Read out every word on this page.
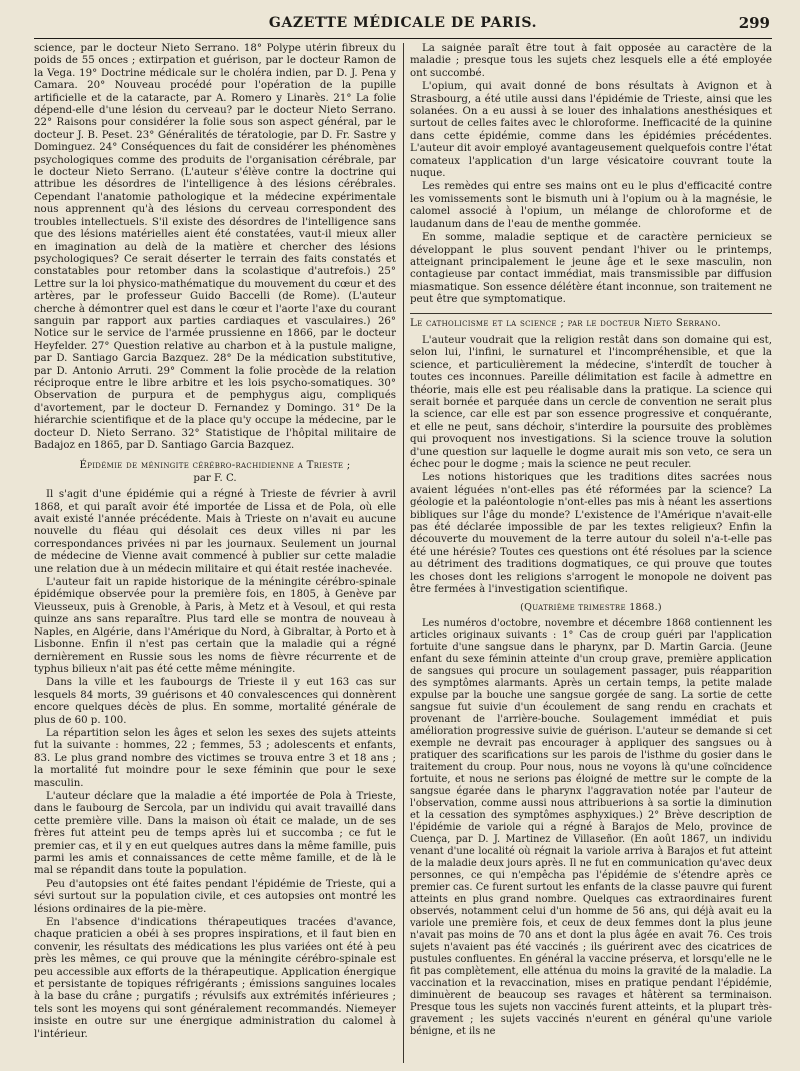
GAZETTE MÉDICALE DE PARIS.	299

science, par le docteur Nieto Serrano. 18° Polype utérin fibreux du poids de 55 onces ; extirpation et guérison, par le docteur Ramon de la Vega. 19° Doctrine médicale sur le choléra indien, par D. J. Pena y Camara. 20° Nouveau procédé pour l'opération de la pupille artificielle et de la cataracte, par A. Romero y Linarès. 21° La folie dépend-elle d'une lésion du cerveau? par le docteur Nieto Serrano. 22° Raisons pour considérer la folie sous son aspect général, par le docteur J. B. Peset. 23° Généralités de tératologie, par D. Fr. Sastre y Dominguez. 24° Conséquences du fait de considérer les phénomènes psychologiques comme des produits de l'organisation cérébrale, par le docteur Nieto Serrano. (L'auteur s'élève contre la doctrine qui attribue les désordres de l'intelligence à des lésions cérébrales. Cependant l'anatomie pathologique et la médecine expérimentale nous apprennent qu'à des lésions du cerveau correspondent des troubles intellectuels. S'il existe des désordres de l'intelligence sans que des lésions matérielles aient été constatées, vaut-il mieux aller en imagination au delà de la matière et chercher des lésions psychologiques? Ce serait déserter le terrain des faits constatés et constatables pour retomber dans la scolastique d'autrefois.) 25° Lettre sur la loi physico-mathématique du mouvement du cœur et des artères, par le professeur Guido Baccelli (de Rome). (L'auteur cherche à démontrer quel est dans le cœur et l'aorte l'axe du courant sanguin par rapport aux parties cardiaques et vasculaires.) 26° Notice sur le service de l'armée prussienne en 1866, par le docteur Heyfelder. 27° Question relative au charbon et à la pustule maligne, par D. Santiago Garcia Bazquez. 28° De la médication substitutive, par D. Antonio Arruti. 29° Comment la folie procède de la relation réciproque entre le libre arbitre et les lois psycho-somatiques. 30° Observation de purpura et de pemphygus aigu, compliqués d'avortement, par le docteur D. Fernandez y Domingo. 31° De la hiérarchie scientifique et de la place qu'y occupe la médecine, par le docteur D. Nieto Serrano. 32° Statistique de l'hôpital militaire de Badajoz en 1865, par D. Santiago Garcia Bazquez.

Épidémie de méningite cérébro-rachidienne a Trieste ;
par F. C.

Il s'agit d'une épidémie qui a régné à Trieste de février à avril 1868, et qui paraît avoir été importée de Lissa et de Pola, où elle avait existé l'année précédente. Mais à Trieste on n'avait eu aucune nouvelle du fléau qui désolait ces deux villes ni par les correspondances privées ni par les journaux. Seulement un journal de médecine de Vienne avait commencé à publier sur cette maladie une relation due à un médecin militaire et qui était restée inachevée.

L'auteur fait un rapide historique de la méningite cérébro-spinale épidémique observée pour la première fois, en 1805, à Genève par Vieusseux, puis à Grenoble, à Paris, à Metz et à Vesoul, et qui resta quinze ans sans reparaître. Plus tard elle se montra de nouveau à Naples, en Algérie, dans l'Amérique du Nord, à Gibraltar, à Porto et à Lisbonne. Enfin il n'est pas certain que la maladie qui a régné dernièrement en Russie sous les noms de fièvre récurrente et de typhus bilieux n'ait pas été cette même méningite.

Dans la ville et les faubourgs de Trieste il y eut 163 cas sur lesquels 84 morts, 39 guérisons et 40 convalescences qui donnèrent encore quelques décès de plus. En somme, mortalité générale de plus de 60 p. 100.

La répartition selon les âges et selon les sexes des sujets atteints fut la suivante : hommes, 22 ; femmes, 53 ; adolescents et enfants, 83. Le plus grand nombre des victimes se trouva entre 3 et 18 ans ; la mortalité fut moindre pour le sexe féminin que pour le sexe masculin.

L'auteur déclare que la maladie a été importée de Pola à Trieste, dans le faubourg de Sercola, par un individu qui avait travaillé dans cette première ville. Dans la maison où était ce malade, un de ses frères fut atteint peu de temps après lui et succomba ; ce fut le premier cas, et il y en eut quelques autres dans la même famille, puis parmi les amis et connaissances de cette même famille, et de là le mal se répandit dans toute la population.

Peu d'autopsies ont été faites pendant l'épidémie de Trieste, qui a sévi surtout sur la population civile, et ces autopsies ont montré les lésions ordinaires de la pie-mère.

En l'absence d'indications thérapeutiques tracées d'avance, chaque praticien a obéi à ses propres inspirations, et il faut bien en convenir, les résultats des médications les plus variées ont été à peu près les mêmes, ce qui prouve que la méningite cérébro-spinale est peu accessible aux efforts de la thérapeutique. Application énergique et persistante de topiques réfrigérants ; émissions sanguines locales à la base du crâne ; purgatifs ; révulsifs aux extrémités inférieures ; tels sont les moyens qui sont généralement recommandés. Niemeyer insiste en outre sur une énergique administration du calomel à l'intérieur.

La saignée paraît être tout à fait opposée au caractère de la maladie ; presque tous les sujets chez lesquels elle a été employée ont succombé.

L'opium, qui avait donné de bons résultats à Avignon et à Strasbourg, a été utile aussi dans l'épidémie de Trieste, ainsi que les solanées. On a eu aussi à se louer des inhalations anesthésiques et surtout de celles faites avec le chloroforme. Inefficacité de la quinine dans cette épidémie, comme dans les épidémies précédentes. L'auteur dit avoir employé avantageusement quelquefois contre l'état comateux l'application d'un large vésicatoire couvrant toute la nuque.

Les remèdes qui entre ses mains ont eu le plus d'efficacité contre les vomissements sont le bismuth uni à l'opium ou à la magnésie, le calomel associé à l'opium, un mélange de chloroforme et de laudanum dans de l'eau de menthe gommée.

En somme, maladie septique et de caractère pernicieux se développant le plus souvent pendant l'hiver ou le printemps, atteignant principalement le jeune âge et le sexe masculin, non contagieuse par contact immédiat, mais transmissible par diffusion miasmatique. Son essence délétère étant inconnue, son traitement ne peut être que symptomatique.

Le catholicisme et la science ; par le docteur Nieto Serrano.

L'auteur voudrait que la religion restât dans son domaine qui est, selon lui, l'infini, le surnaturel et l'incompréhensible, et que la science, et particulièrement la médecine, s'interdît de toucher à toutes ces inconnues. Pareille délimitation est facile à admettre en théorie, mais elle est peu réalisable dans la pratique. La science qui serait bornée et parquée dans un cercle de convention ne serait plus la science, car elle est par son essence progressive et conquérante, et elle ne peut, sans déchoir, s'interdire la poursuite des problèmes qui provoquent nos investigations. Si la science trouve la solution d'une question sur laquelle le dogme aurait mis son veto, ce sera un échec pour le dogme ; mais la science ne peut reculer.

Les notions historiques que les traditions dites sacrées nous avaient léguées n'ont-elles pas été réformées par la science? La géologie et la paléontologie n'ont-elles pas mis à néant les assertions bibliques sur l'âge du monde? L'existence de l'Amérique n'avait-elle pas été déclarée impossible de par les textes religieux? Enfin la découverte du mouvement de la terre autour du soleil n'a-t-elle pas été une hérésie? Toutes ces questions ont été résolues par la science au détriment des traditions dogmatiques, ce qui prouve que toutes les choses dont les religions s'arrogent le monopole ne doivent pas être fermées à l'investigation scientifique.

(Quatrième trimestre 1868.)

Les numéros d'octobre, novembre et décembre 1868 contiennent les articles originaux suivants : 1° Cas de croup guéri par l'application fortuite d'une sangsue dans le pharynx, par D. Martin Garcia. (Jeune enfant du sexe féminin atteinte d'un croup grave, première application de sangsues qui procure un soulagement passager, puis réapparition des symptômes alarmants. Après un certain temps, la petite malade expulse par la bouche une sangsue gorgée de sang. La sortie de cette sangsue fut suivie d'un écoulement de sang rendu en crachats et provenant de l'arrière-bouche. Soulagement immédiat et puis amélioration progressive suivie de guérison. L'auteur se demande si cet exemple ne devrait pas encourager à appliquer des sangsues ou à pratiquer des scarifications sur les parois de l'isthme du gosier dans le traitement du croup. Pour nous, nous ne voyons là qu'une coïncidence fortuite, et nous ne serions pas éloigné de mettre sur le compte de la sangsue égarée dans le pharynx l'aggravation notée par l'auteur de l'observation, comme aussi nous attribuerions à sa sortie la diminution et la cessation des symptômes asphyxiques.) 2° Brève description de l'épidémie de variole qui a régné à Barajos de Melo, province de Cuença, par D. J. Martinez de Villaseñor. (En août 1867, un individu venant d'une localité où régnait la variole arriva à Barajos et fut atteint de la maladie deux jours après. Il ne fut en communication qu'avec deux personnes, ce qui n'empêcha pas l'épidémie de s'étendre après ce premier cas. Ce furent surtout les enfants de la classe pauvre qui furent atteints en plus grand nombre. Quelques cas extraordinaires furent observés, notamment celui d'un homme de 56 ans, qui déjà avait eu la variole une première fois, et ceux de deux femmes dont la plus jeune n'avait pas moins de 70 ans et dont la plus âgée en avait 76. Ces trois sujets n'avaient pas été vaccinés ; ils guérirent avec des cicatrices de pustules confluentes. En général la vaccine préserva, et lorsqu'elle ne le fit pas complètement, elle atténua du moins la gravité de la maladie. La vaccination et la revaccination, mises en pratique pendant l'épidémie, diminuèrent de beaucoup ses ravages et hâtèrent sa terminaison. Presque tous les sujets non vaccinés furent atteints, et la plupart très-gravement ; les sujets vaccinés n'eurent en général qu'une variole bénigne, et ils ne
